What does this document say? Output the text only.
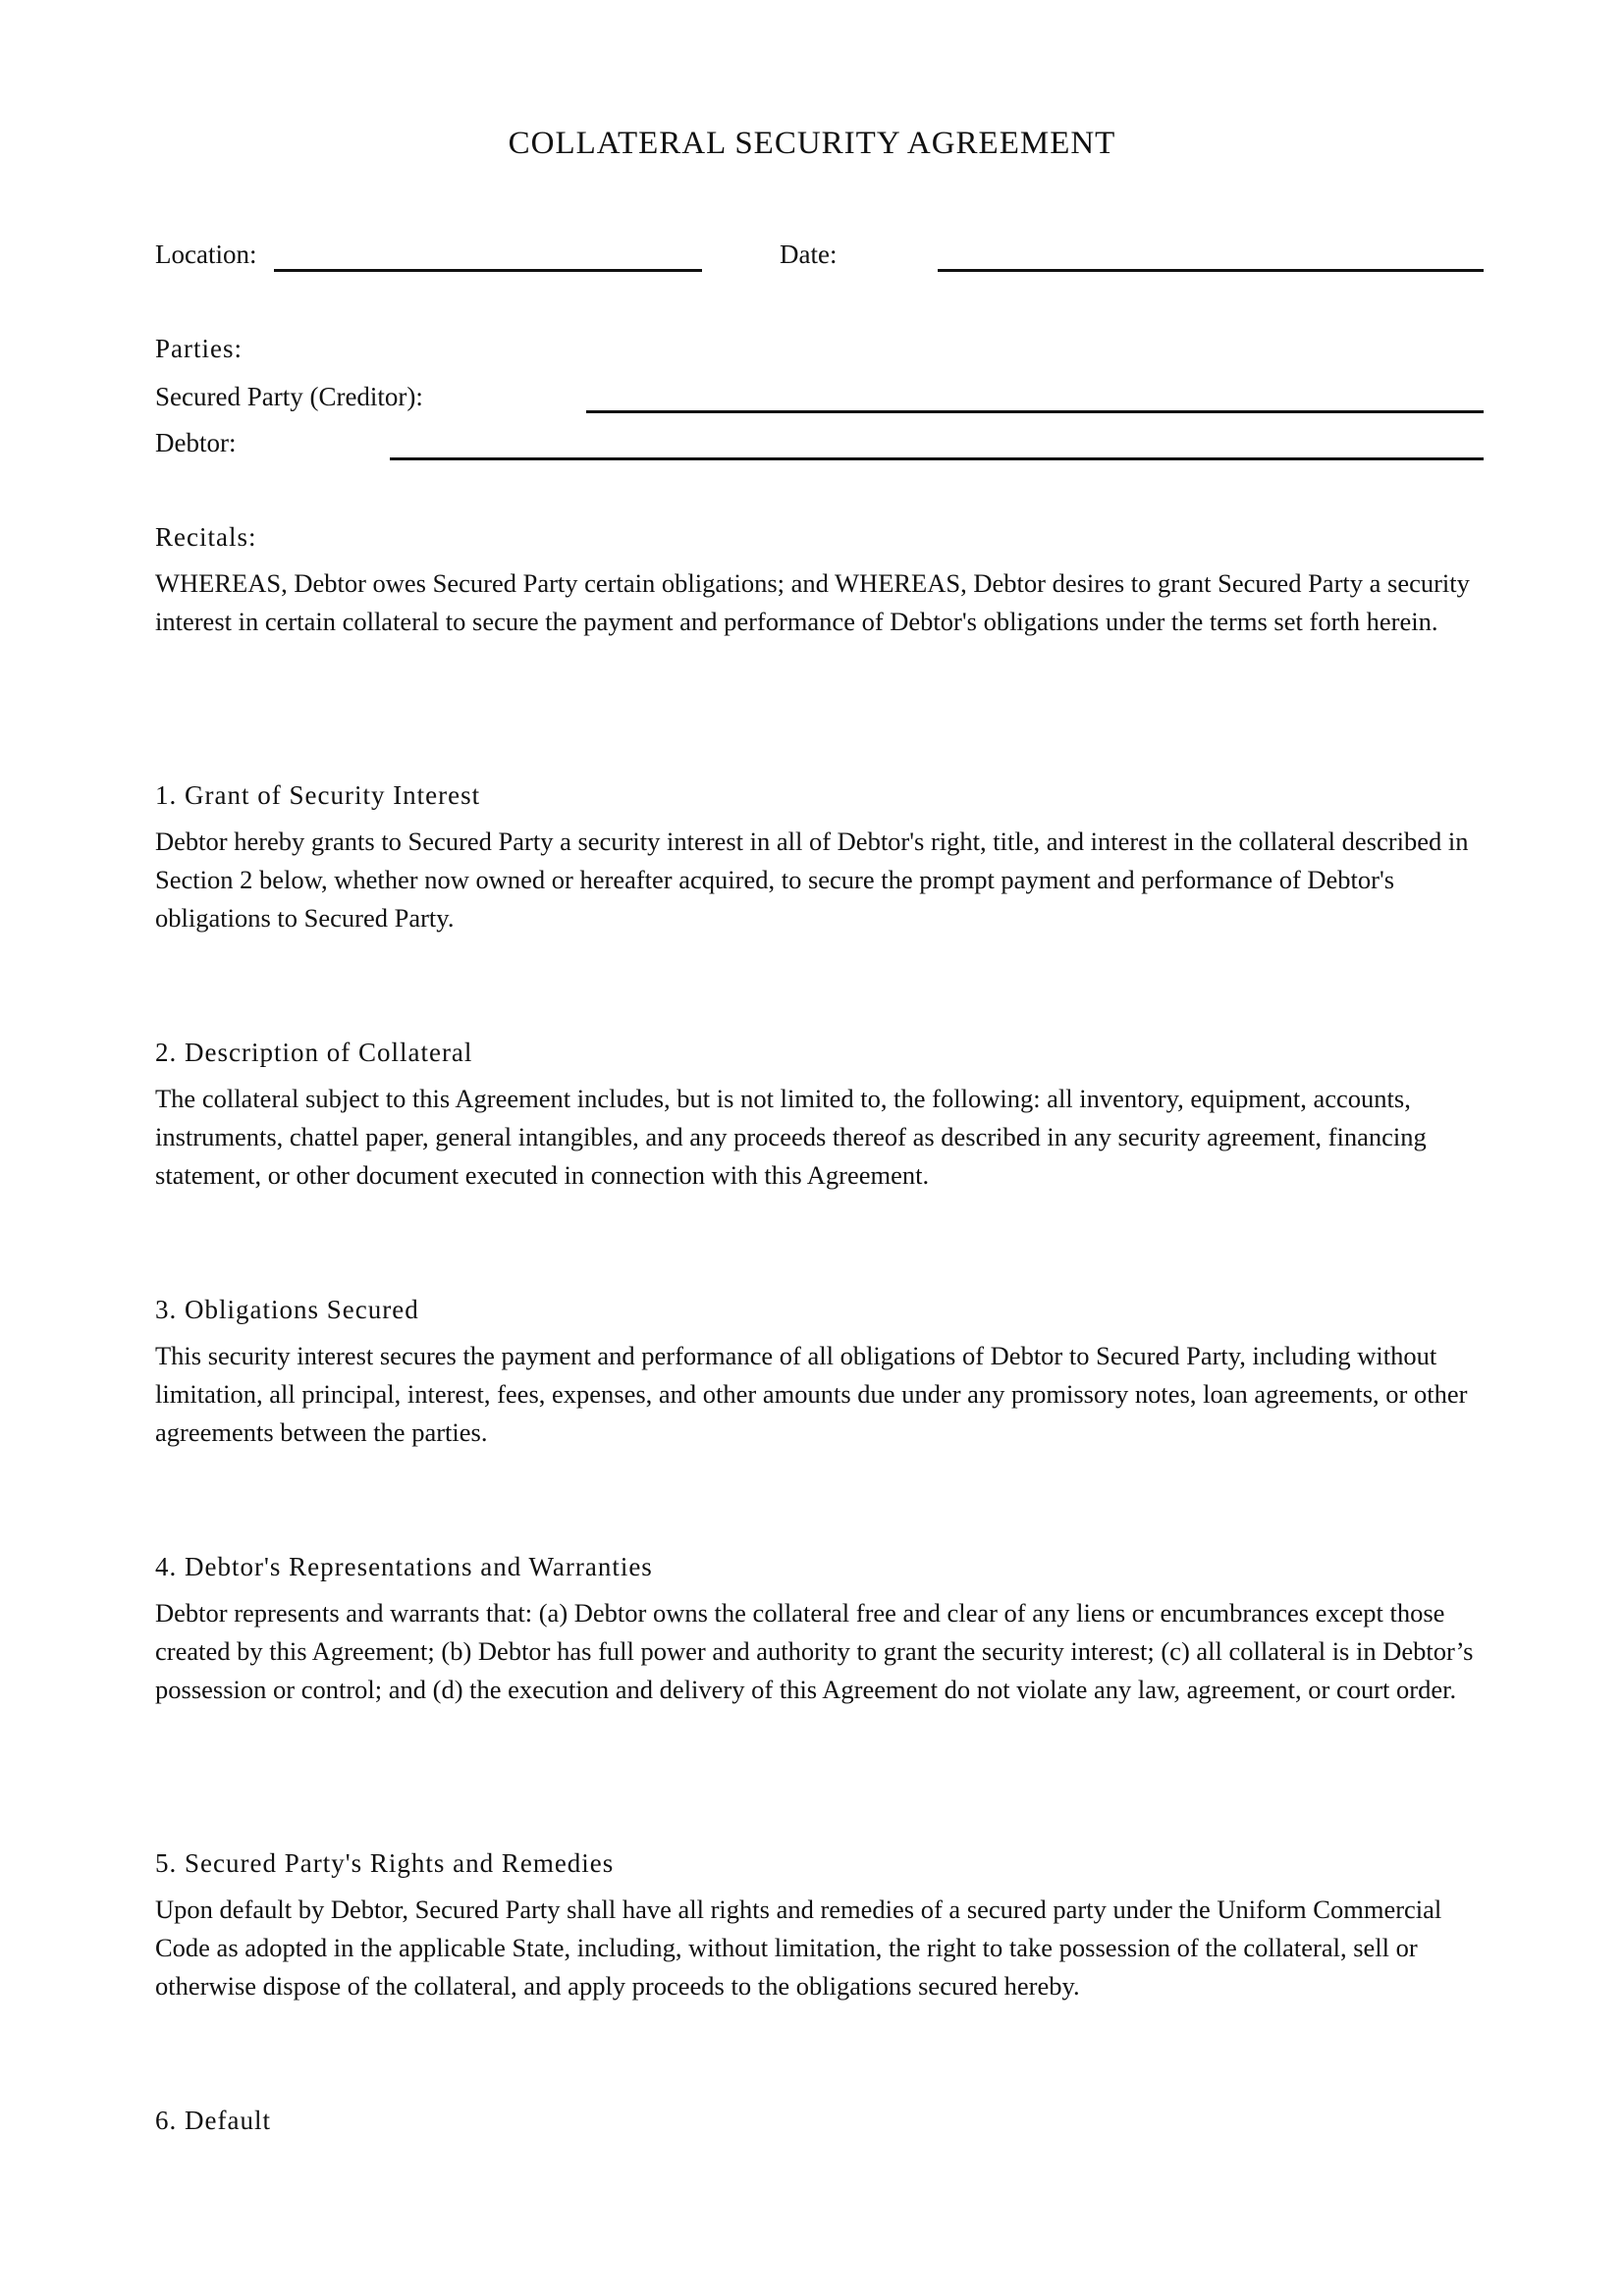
COLLATERAL SECURITY AGREEMENT
Location:	Date:
Parties:
Secured Party (Creditor):
Debtor:
Recitals:

WHEREAS, Debtor owes Secured Party certain obligations; and WHEREAS, Debtor desires to grant Secured Party a security interest in certain collateral to secure the payment and performance of Debtor's obligations under the terms set forth herein.

1. Grant of Security Interest

Debtor hereby grants to Secured Party a security interest in all of Debtor's right, title, and interest in the collateral described in Section 2 below, whether now owned or hereafter acquired, to secure the prompt payment and performance of Debtor's obligations to Secured Party.

2. Description of Collateral

The collateral subject to this Agreement includes, but is not limited to, the following: all inventory, equipment, accounts, instruments, chattel paper, general intangibles, and any proceeds thereof as described in any security agreement, financing statement, or other document executed in connection with this Agreement.

3. Obligations Secured

This security interest secures the payment and performance of all obligations of Debtor to Secured Party, including without limitation, all principal, interest, fees, expenses, and other amounts due under any promissory notes, loan agreements, or other agreements between the parties.

4. Debtor's Representations and Warranties

Debtor represents and warrants that: (a) Debtor owns the collateral free and clear of any liens or encumbrances except those created by this Agreement; (b) Debtor has full power and authority to grant the security interest; (c) all collateral is in Debtor’s possession or control; and (d) the execution and delivery of this Agreement do not violate any law, agreement, or court order.

5. Secured Party's Rights and Remedies

Upon default by Debtor, Secured Party shall have all rights and remedies of a secured party under the Uniform Commercial Code as adopted in the applicable State, including, without limitation, the right to take possession of the collateral, sell or otherwise dispose of the collateral, and apply proceeds to the obligations secured hereby.

6. Default
